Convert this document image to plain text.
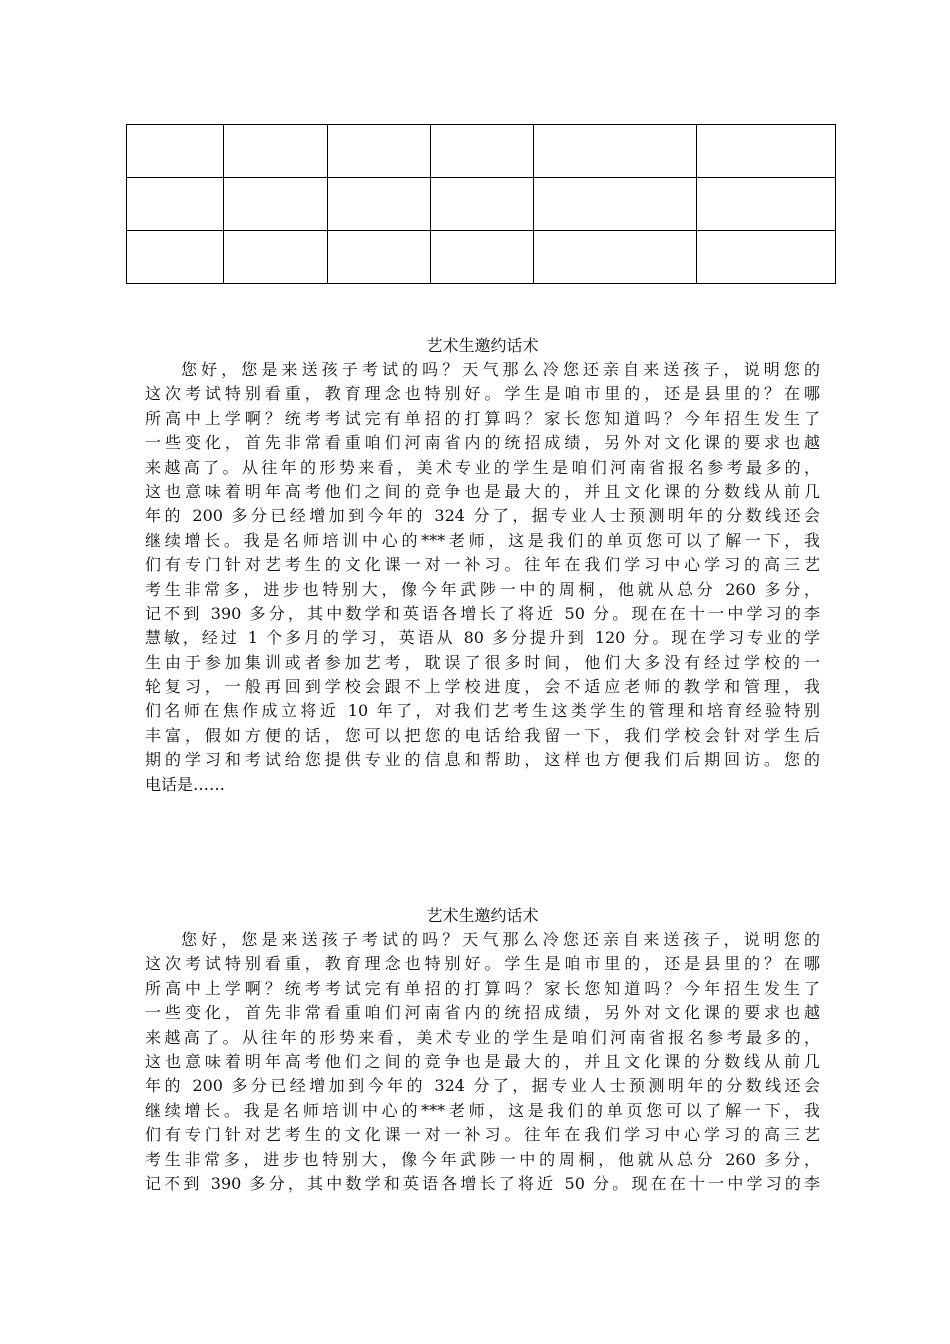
艺术生邀约话术
您好，您是来送孩子考试的吗？天气那么冷您还亲自来送孩子，说明您的
这次考试特别看重，教育理念也特别好。学生是咱市里的，还是县里的？在哪
所高中上学啊？统考考试完有单招的打算吗？家长您知道吗？今年招生发生了
一些变化，首先非常看重咱们河南省内的统招成绩，另外对文化课的要求也越
来越高了。从往年的形势来看，美术专业的学生是咱们河南省报名参考最多的，
这也意味着明年高考他们之间的竞争也是最大的，并且文化课的分数线从前几
年的 200 多分已经增加到今年的 324 分了，据专业人士预测明年的分数线还会
继续增长。我是名师培训中心的***老师，这是我们的单页您可以了解一下，我
们有专门针对艺考生的文化课一对一补习。往年在我们学习中心学习的高三艺
考生非常多，进步也特别大，像今年武陟一中的周桐，他就从总分 260 多分，
记不到 390 多分，其中数学和英语各增长了将近 50 分。现在在十一中学习的李
慧敏，经过 1 个多月的学习，英语从 80 多分提升到 120 分。现在学习专业的学
生由于参加集训或者参加艺考，耽误了很多时间，他们大多没有经过学校的一
轮复习，一般再回到学校会跟不上学校进度，会不适应老师的教学和管理，我
们名师在焦作成立将近 10 年了，对我们艺考生这类学生的管理和培育经验特别
丰富，假如方便的话，您可以把您的电话给我留一下，我们学校会针对学生后
期的学习和考试给您提供专业的信息和帮助，这样也方便我们后期回访。您的
电话是……
艺术生邀约话术
您好，您是来送孩子考试的吗？天气那么冷您还亲自来送孩子，说明您的
这次考试特别看重，教育理念也特别好。学生是咱市里的，还是县里的？在哪
所高中上学啊？统考考试完有单招的打算吗？家长您知道吗？今年招生发生了
一些变化，首先非常看重咱们河南省内的统招成绩，另外对文化课的要求也越
来越高了。从往年的形势来看，美术专业的学生是咱们河南省报名参考最多的，
这也意味着明年高考他们之间的竞争也是最大的，并且文化课的分数线从前几
年的 200 多分已经增加到今年的 324 分了，据专业人士预测明年的分数线还会
继续增长。我是名师培训中心的***老师，这是我们的单页您可以了解一下，我
们有专门针对艺考生的文化课一对一补习。往年在我们学习中心学习的高三艺
考生非常多，进步也特别大，像今年武陟一中的周桐，他就从总分 260 多分，
记不到 390 多分，其中数学和英语各增长了将近 50 分。现在在十一中学习的李
